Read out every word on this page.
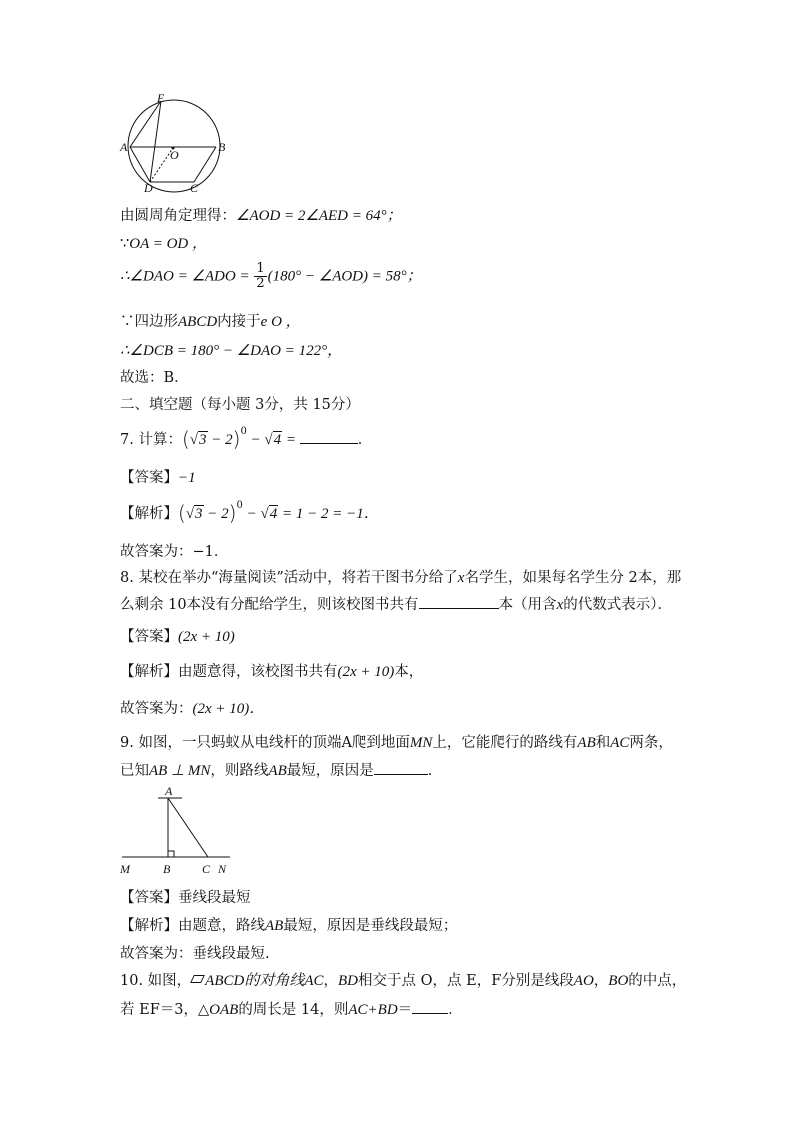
E
A
O
B
D	C
由圆周角定理得：∠AOD = 2∠AED = 64°；
∵OA = OD ，
∴∠DAO = ∠ADO = $\frac{1}{2} (180^\circ$ − ∠AOD) = 58°；
∵四边形ABCD内接于e O ，
∴∠DCB = 180° − ∠DAO = 122°，
故选：B．
二、填空题（每小题 3分，共 15分）
7. 计算：$(√3 - 2)^0 - √4$ =	．
【答案】−1
【解析】$(√3 - 2)^0 - √4 = 1 - 2 = -1$．
故答案为：−1．
8. 某校在举办“海量阅读”活动中，将若干图书分给了x名学生，如果每名学生分 2本，那
么剩余 10本没有分配给学生，则该校图书共有	本（用含x的代数式表示）．
【答案】(2x + 10)
【解析】由题意得，该校图书共有(2x + 10)本，
故答案为：(2x + 10)．
9. 如图，一只蚂蚁从电线杆的顶端A爬到地面MN上，它能爬行的路线有AB和AC两条，
已知AB ⊥ MN，则路线AB最短，原因是	．
A
M	B	C N
【答案】垂线段最短
【解析】由题意，路线AB最短，原因是垂线段最短；
故答案为：垂线段最短.
10. 如图， ABCD的对角线AC，BD相交于点 O，点 E，F分别是线段AO，BO的中点，
若 EF＝3，△OAB的周长是 14，则AC+BD＝ ．
